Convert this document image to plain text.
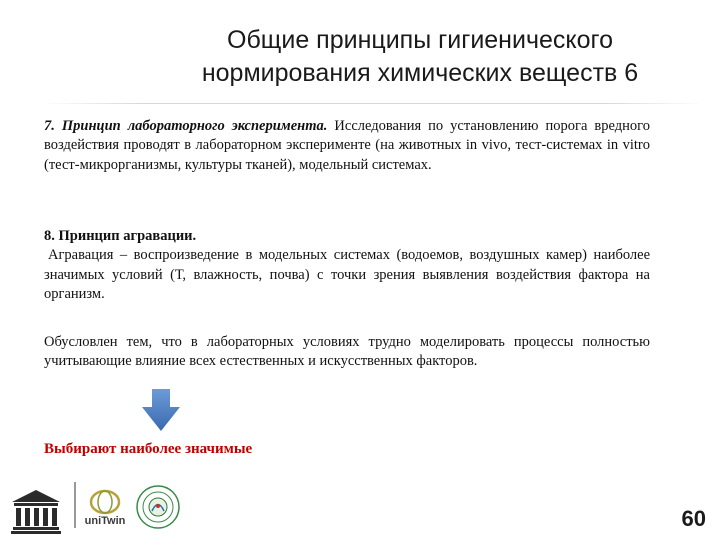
Общие принципы гигиенического нормирования химических веществ 6
7. Принцип лабораторного эксперимента. Исследования по установлению порога вредного воздействия проводят в лабораторном эксперименте (на животных in vivo, тест-системах in vitro (тест-микрорганизмы, культуры тканей), модельный системах.
8. Принцип агравации.
Агравация – воспроизведение в модельных системах (водоемов, воздушных камер) наиболее значимых условий (Т, влажность, почва) с точки зрения выявления воздействия фактора на организм.
Обусловлен тем, что в лабораторных условиях трудно моделировать процессы полностью учитывающие влияние всех естественных и искусственных факторов.
Выбирают наиболее значимые
uniTwin	60
